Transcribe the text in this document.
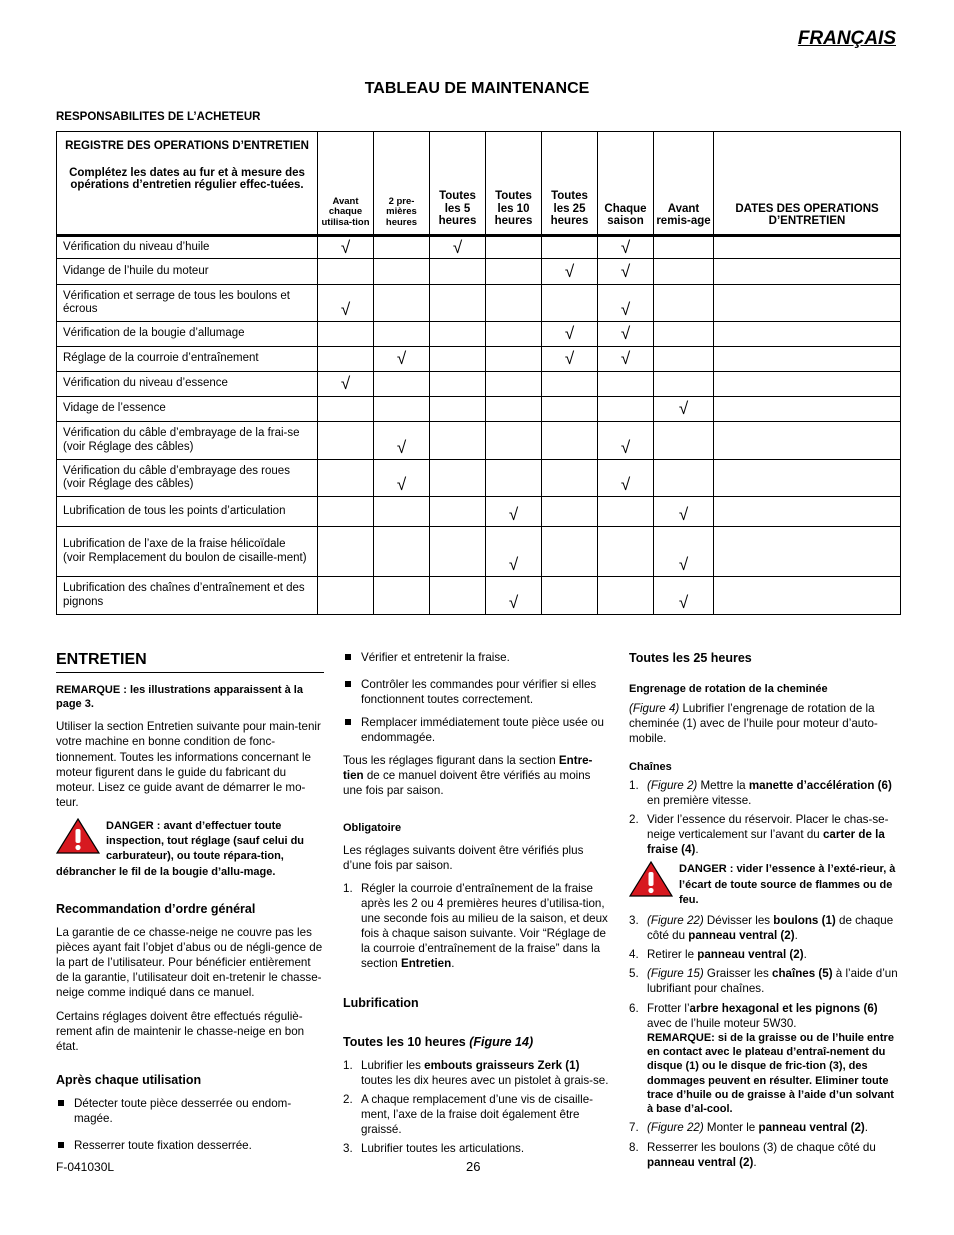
FRANÇAIS
TABLEAU DE MAINTENANCE
RESPONSABILITES DE L’ACHETEUR
REGISTRE DES OPERATIONS D’ENTRETIEN
Complétez les dates au fur et à mesure des opérations d’entretien régulier effec-tuées.	Avant chaque utilisa-tion	2 pre-mières heures	Toutes les 5 heures	Toutes les 10 heures	Toutes les 25 heures	Chaque saison	Avant remis-age	DATES DES OPERATIONS D’ENTRETIEN
Vérification du niveau d’huile	√		√			√		
Vidange de l’huile du moteur					√	√		
Vérification et serrage de tous les boulons et écrous	√					√		
Vérification de la bougie d’allumage					√	√		
Réglage de la courroie d’entraînement		√			√	√		
Vérification du niveau d’essence	√							
Vidage de l’essence							√	
Vérification du câble d’embrayage de la frai-se (voir Réglage des câbles)		√				√		
Vérification du câble d’embrayage des roues (voir Réglage des câbles)		√				√		
Lubrification de tous les points d’articulation				√			√	
Lubrification de l’axe de la fraise hélicoïdale (voir Remplacement du boulon de cisaille-ment)				√			√	
Lubrification des chaînes d’entraînement et des pignons				√			√	
ENTRETIEN

REMARQUE : les illustrations apparaissent à la page 3.

Utiliser la section Entretien suivante pour main-tenir votre machine en bonne condition de fonc-tionnement. Toutes les informations concernant le moteur figurent dans le guide du fabricant du moteur. Lisez ce guide avant de démarrer le mo-teur.

DANGER : avant d’effectuer toute inspection, tout réglage (sauf celui du carburateur), ou toute répara-tion, débrancher le fil de la bougie d’allu-mage.

Recommandation d’ordre général

La garantie de ce chasse-neige ne couvre pas les pièces ayant fait l’objet d’abus ou de négli-gence de la part de l’utilisateur. Pour bénéficier entièrement de la garantie, l’utilisateur doit en-tretenir le chasse-neige comme indiqué dans ce manuel.

Certains réglages doivent être effectués réguliè-rement afin de maintenir le chasse-neige en bon état.

Après chaque utilisation

Détecter toute pièce desserrée ou endom-magée.
Resserrer toute fixation desserrée.
Vérifier et entretenir la fraise.
Contrôler les commandes pour vérifier si elles fonctionnent toutes correctement.
Remplacer immédiatement toute pièce usée ou endommagée.

Tous les réglages figurant dans la section Entre-tien de ce manuel doivent être vérifiés au moins une fois par saison.

Obligatoire

Les réglages suivants doivent être vérifiés plus d’une fois par saison.

1. Régler la courroie d’entraînement de la fraise après les 2 ou 4 premières heures d’utilisa-tion, une seconde fois au milieu de la saison, et deux fois à chaque saison suivante. Voir “Réglage de la courroie d’entraînement de la fraise” dans la section Entretien.

Lubrification

Toutes les 10 heures (Figure 14)

1. Lubrifier les embouts graisseurs Zerk (1) toutes les dix heures avec un pistolet à grais-se.
2. A chaque remplacement d’une vis de cisaille-ment, l’axe de la fraise doit également être graissé.
3. Lubrifier toutes les articulations.

Toutes les 25 heures

Engrenage de rotation de la cheminée

(Figure 4) Lubrifier l’engrenage de rotation de la cheminée (1) avec de l’huile pour moteur d’auto-mobile.

Chaînes

1. (Figure 2) Mettre la manette d’accélération (6) en première vitesse.
2. Vider l’essence du réservoir. Placer le chas-se-neige verticalement sur l’avant du carter de la fraise (4).
DANGER : vider l’essence à l’exté-rieur, à l’écart de toute source de flammes ou de feu.
3. (Figure 22) Dévisser les boulons (1) de chaque côté du panneau ventral (2).
4. Retirer le panneau ventral (2).
5. (Figure 15) Graisser les chaînes (5) à l’aide d’un lubrifiant pour chaînes.
6. Frotter l’arbre hexagonal et les pignons (6) avec de l’huile moteur 5W30.
REMARQUE: si de la graisse ou de l’huile entre en contact avec le plateau d’entraî-nement du disque (1) ou le disque de fric-tion (3), des dommages peuvent en résulter. Eliminer toute trace d’huile ou de graisse à l’aide d’un solvant à base d’al-cool.
7. (Figure 22) Monter le panneau ventral (2).
8. Resserrer les boulons (3) de chaque côté du panneau ventral (2).
F-041030L	26
